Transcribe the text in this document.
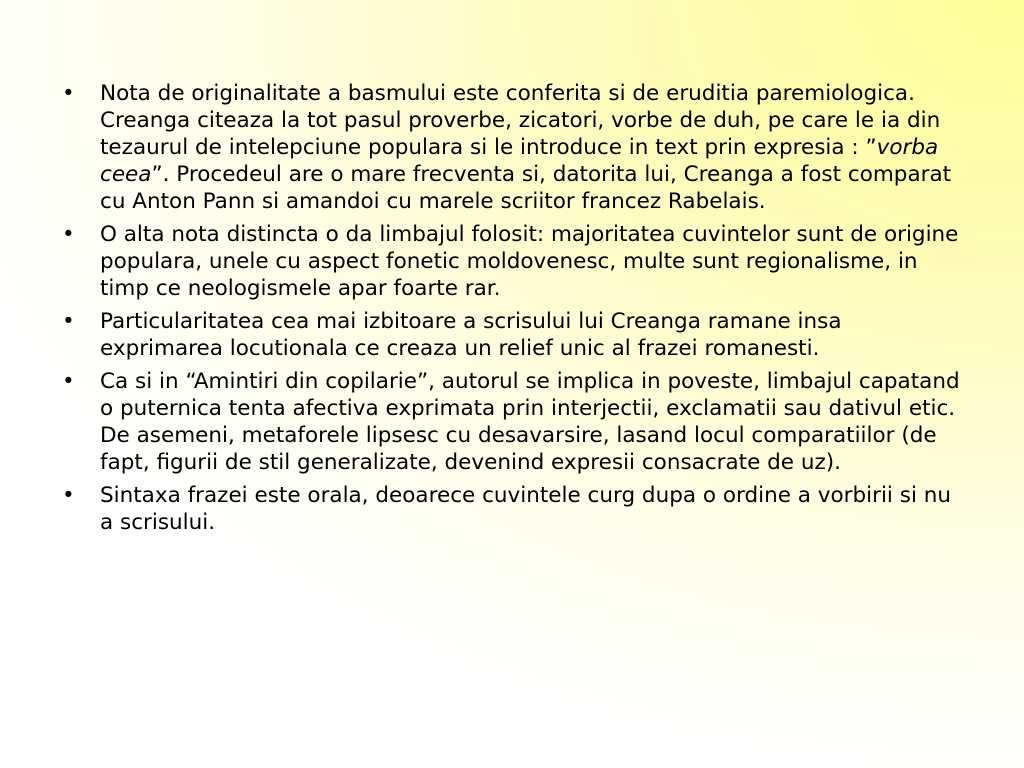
• Nota de originalitate a basmului este conferita si de eruditia paremiologica. Creanga citeaza la tot pasul proverbe, zicatori, vorbe de duh, pe care le ia din tezaurul de intelepciune populara si le introduce in text prin expresia : ”vorba ceea”. Procedeul are o mare frecventa si, datorita lui, Creanga a fost comparat cu Anton Pann si amandoi cu marele scriitor francez Rabelais.
• O alta nota distincta o da limbajul folosit: majoritatea cuvintelor sunt de origine populara, unele cu aspect fonetic moldovenesc, multe sunt regionalisme, in timp ce neologismele apar foarte rar.
• Particularitatea cea mai izbitoare a scrisului lui Creanga ramane insa exprimarea locutionala ce creaza un relief unic al frazei romanesti.
• Ca si in “Amintiri din copilarie”, autorul se implica in poveste, limbajul capatand o puternica tenta afectiva exprimata prin interjectii, exclamatii sau dativul etic. De asemeni, metaforele lipsesc cu desavarsire, lasand locul comparatiilor (de fapt, figurii de stil generalizate, devenind expresii consacrate de uz).
• Sintaxa frazei este orala, deoarece cuvintele curg dupa o ordine a vorbirii si nu a scrisului.
